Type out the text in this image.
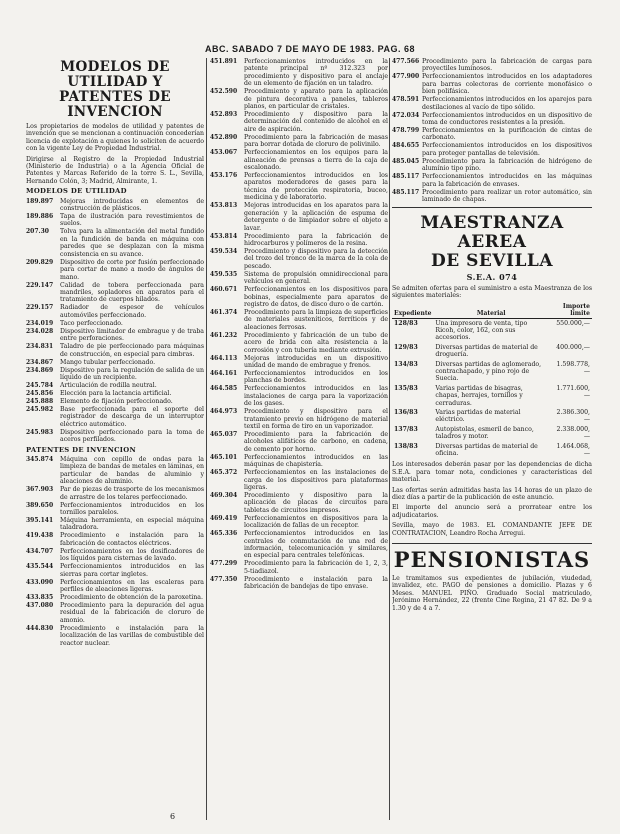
ABC. SABADO 7 DE MAYO DE 1983. PAG. 68
MODELOS DE UTILIDAD Y
PATENTES DE INVENCION
Los propietarios de modelos de utilidad y patentes de invención que se mencionan a continuación concederían licencia de explotación a quienes lo soliciten de acuerdo con la vigente Ley de Propiedad Industrial.
Dirigirse al Registro de la Propiedad Industrial (Ministerio de Industria) o a la Agencia Oficial de Patentes y Marcas Referido de la torre S. L., Sevilla, Hernando Colón, 3; Madrid, Almirante, 1.
MODELOS DE UTILIDAD
189.897	Mejoras introducidas en elementos de construcción de plásticos.
189.886	Tapa de ilustración para revestimientos de suelos.
207.30	Tolva para la alimentación del metal fundido en la fundición de banda en máquina con paredes que se desplazan con la misma consistencia en su avance.
209.829	Dispositivo de corte por fusión perfeccionado para cortar de mano a modo de ángulos de mano.
229.147	Calidad de tobera perfeccionada para mandriles, sopladores en aparatos para el tratamiento de cuerpos hilados.
229.157	Radiador de espesor de vehículos automóviles perfeccionado.
234.019	Taco perfeccionado.
234.028	Dispositivo limitador de embrague y de traba entre perforaciones.
234.831	Taladro de pie perfeccionado para máquinas de construcción, en especial para cimbras.
234.867	Mango tubular perfeccionado.
234.869	Dispositivo para la regulación de salida de un líquido de un recipiente.
245.784	Articulación de rodilla neutral.
245.856	Elección para la lactancia artificial.
245.888	Elemento de fijación perfeccionado.
245.982	Base perfeccionada para el soporte del registrador de descarga de un interruptor eléctrico automático.
245.983	Dispositivo perfeccionado para la toma de aceros perfilados.
PATENTES DE INVENCION
345.874	Máquina con cepillo de ondas para la limpieza de bandas de metales en láminas, en particular de bandas de aluminio y aleaciones de aluminio.
367.903	Par de piezas de trasporte de los mecanismos de arrastre de los telares perfeccionado.
389.650	Perfeccionamientos introducidos en los tornillos paralelos.
395.141	Máquina herramienta, en especial máquina taladradora.
419.438	Procedimiento e instalación para la fabricación de contactos eléctricos.
434.707	Perfeccionamientos en los dosificadores de los líquidos para cisternas de lavado.
435.544	Perfeccionamientos introducidos en las sierras para cortar ingletes.
433.090	Perfeccionamientos en las escaleras para perfiles de aleaciones ligeras.
433.835	Procedimiento de obtención de la paroxetina.
437.080	Procedimiento para la depuración del agua residual de la fabricación de cloruro de amonio.
444.830	Procedimiento e instalación para la localización de las varillas de combustible del reactor nuclear.
451.891	Perfeccionamientos introducidos en la patente principal nº 312.323 por procedimiento y dispositivo para el anclaje de un elemento de fijación en un taladro.
452.590	Procedimiento y aparato para la aplicación de pintura decorativa a paneles, tableros planos, en particular de cristales.
452.893	Procedimiento y dispositivo para la determinación del contenido de alcohol en el aire de aspiración.
452.890	Procedimiento para la fabricación de masas para borrar dotada de cloruro de polivinilo.
453.067	Perfeccionamientos en los equipos para la alineación de prensas a tierra de la caja de escalonado.
453.176	Perfeccionamientos introducidos en los aparatos moderadores de gases para la técnica de protección respiratoria, buceo, medicina y de laboratorio.
453.813	Mejoras introducidas en los aparatos para la generación y la aplicación de espuma de detergente o de limpiador sobre el objeto a lavar.
453.814	Procedimiento para la fabricación de hidrocarburos y polímeros de la resina.
459.534	Procedimiento y dispositivo para la detección del trozo del tronco de la marca de la cola de pescado.
459.535	Sistema de propulsión omnidireccional para vehículos en general.
460.671	Perfeccionamientos en los dispositivos para bobinas, especialmente para aparatos de registro de datos, de disco duro o de cartón.
461.374	Procedimiento para la limpieza de superficies de materiales austeníticos, ferríticos y de aleaciones ferrosas.
461.232	Procedimiento y fabricación de un tubo de acero de brida con alta resistencia a la corrosión y con tubería mediante extrusión.
464.113	Mejoras introducidas en un dispositivo unidad de mando de embrague y frenos.
464.161	Perfeccionamientos introducidos en los planchas de bordes.
464.585	Perfeccionamientos introducidos en las instalaciones de carga para la vaporización de los gases.
464.973	Procedimiento y dispositivo para el tratamiento previo en hidrógeno de material textil en forma de tiro en un vaporizador.
465.037	Procedimiento para la fabricación de alcoholes alifáticos de carbono, en cadena, de cemento por horno.
465.101	Perfeccionamientos introducidos en las máquinas de chapistería.
465.372	Perfeccionamientos en las instalaciones de carga de los dispositivos para plataformas ligeras.
469.304	Procedimiento y dispositivo para la aplicación de placas de circuitos para tabletas de circuitos impresos.
469.419	Perfeccionamientos en dispositivos para la localización de fallas de un receptor.
465.336	Perfeccionamientos introducidos en las centrales de conmutación de una red de información, telecomunicación y similares, en especial para centrales telefónicas.
477.299	Procedimiento para la fabricación de 1, 2, 3, 5-tiadiazol.
477.350	Procedimiento e instalación para la fabricación de bandejas de tipo envase.
477.566 Procedimiento para la fabricación de cargas para proyectiles luminosos.
477.900 Perfeccionamientos introducidos en los adaptadores para barras colectoras de corriente monofásico o bien polifásica.
478.591 Perfeccionamientos introducidos en los aparejos para destilaciones al vacío de tipo sólido.
472.034 Perfeccionamientos introducidos en un dispositivo de toma de conductores resistentes a la presión.
478.799 Perfeccionamientos en la purificación de cintas de carbonato.
484.655 Perfeccionamientos introducidos en los dispositivos para proteger pantallas de televisión.
485.045 Procedimiento para la fabricación de hidrógeno de alumínio tipo pino.
485.117 Perfeccionamientos introducidos en las máquinas para la fabricación de envases.
485.117 Procedimiento para realizar un rotor automático, sin laminado de chapas.
MAESTRANZA AEREA
DE SEVILLA
S.E.A. 074
Se admiten ofertas para el suministro a esta Maestranza de los siguientes materiales:
Expediente	Material	Importe límite
128/83	Una impresora de venta, tipo Ricoh, color, 162, con sus accesorios.	550.000,—
129/83	Diversas partidas de material de droguería.	400.000,—
134/83	Diversas partidas de aglomerado, contrachapado, y pino rojo de Suecia.	1.598.778,—
135/83	Varias partidas de bisagras, chapas, herrajes, tornillos y cerraduras.	1.771.600,—
136/83	Varias partidas de material eléctrico.	2.386.300,—
137/83	Autopistolas, esmeril de banco, taladros y motor.	2.338.000,—
138/83	Diversas partidas de material de oficina.	1.464.068,—
Los interesados deberán pasar por las dependencias de dicha S.E.A. para tomar nota, condiciones y características del material.
Las ofertas serán admitidas hasta las 14 horas de un plazo de diez días a partir de la publicación de este anuncio.
El importe del anuncio será a prorratear entre los adjudicatarios.
Sevilla, mayo de 1983. EL COMANDANTE JEFE DE CONTRATACION, Leandro Rocha Arregui.
PENSIONISTAS
Le tramitamos sus expedientes de jubilación, viudedad, invalidez, etc. PAGO de pensiones a domicilio. Plazas y 6 Meses. MANUEL PIÑO. Graduado Social matriculado, Jerónimo Hernández, 22 (frente Cine Regina, 21 47 82. De 9 a 1.30 y de 4 a 7.
6
